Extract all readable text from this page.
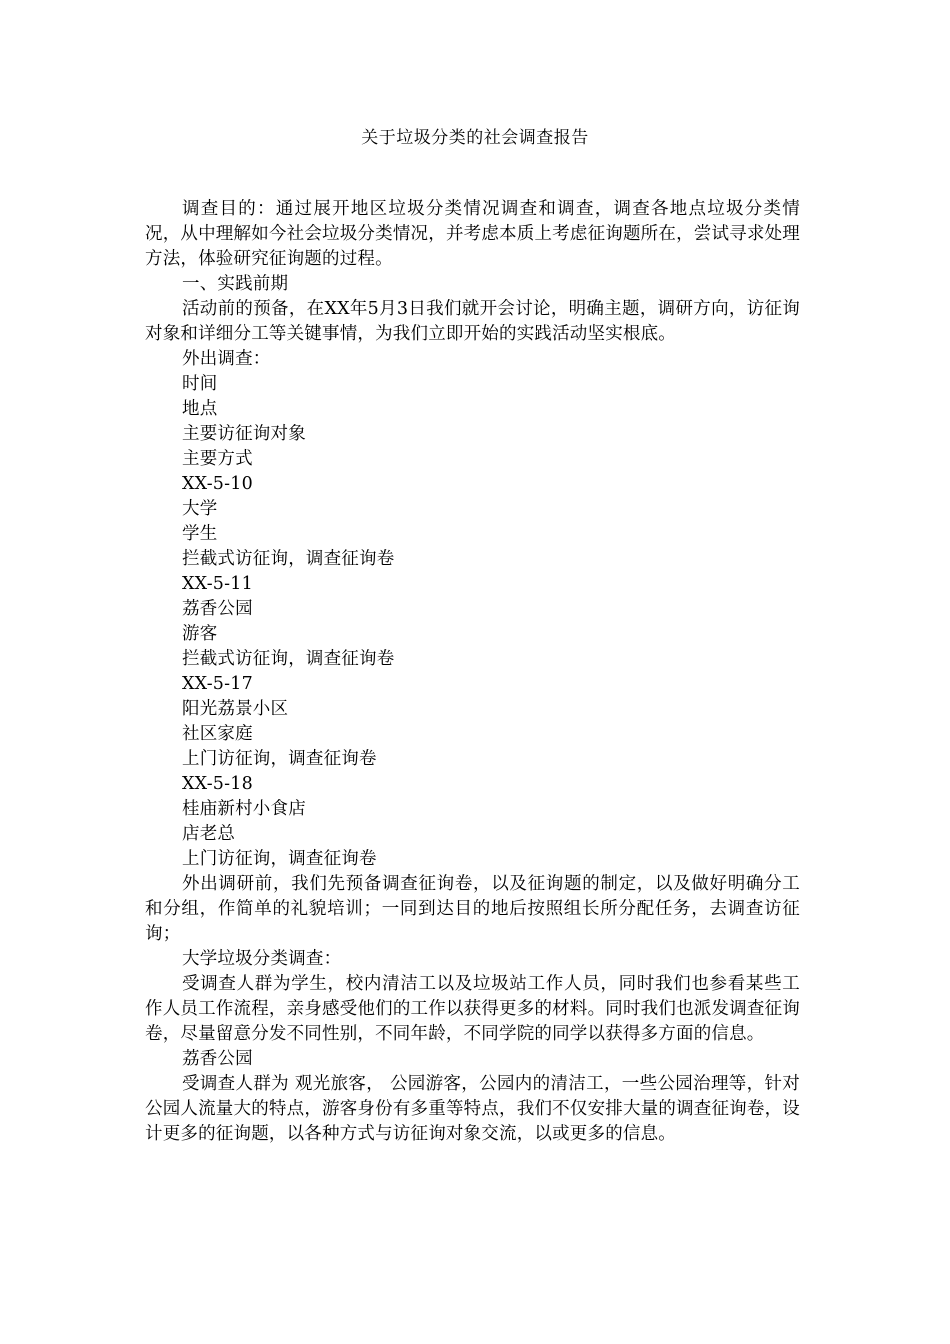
关于垃圾分类的社会调查报告

调查目的：通过展开地区垃圾分类情况调查和调查，调查各地点垃圾分类情况，从中理解如今社会垃圾分类情况，并考虑本质上考虑征询题所在，尝试寻求处理方法，体验研究征询题的过程。

一、实践前期

活动前的预备，在XX年5月3日我们就开会讨论，明确主题，调研方向，访征询对象和详细分工等关键事情，为我们立即开始的实践活动坚实根底。

外出调查：

时间
地点
主要访征询对象
主要方式
XX-5-10
大学
学生
拦截式访征询，调查征询卷
XX-5-11
荔香公园
游客
拦截式访征询，调查征询卷
XX-5-17
阳光荔景小区
社区家庭
上门访征询，调查征询卷
XX-5-18
桂庙新村小食店
店老总
上门访征询，调查征询卷

外出调研前，我们先预备调查征询卷，以及征询题的制定，以及做好明确分工和分组，作简单的礼貌培训；一同到达目的地后按照组长所分配任务，去调查访征询；

大学垃圾分类调查：

受调查人群为学生，校内清洁工以及垃圾站工作人员，同时我们也参看某些工作人员工作流程，亲身感受他们的工作以获得更多的材料。同时我们也派发调查征询卷，尽量留意分发不同性别，不同年龄，不同学院的同学以获得多方面的信息。

荔香公园

受调查人群为 观光旅客， 公园游客，公园内的清洁工，一些公园治理等，针对公园人流量大的特点，游客身份有多重等特点，我们不仅安排大量的调查征询卷，设计更多的征询题，以各种方式与访征询对象交流，以或更多的信息。
